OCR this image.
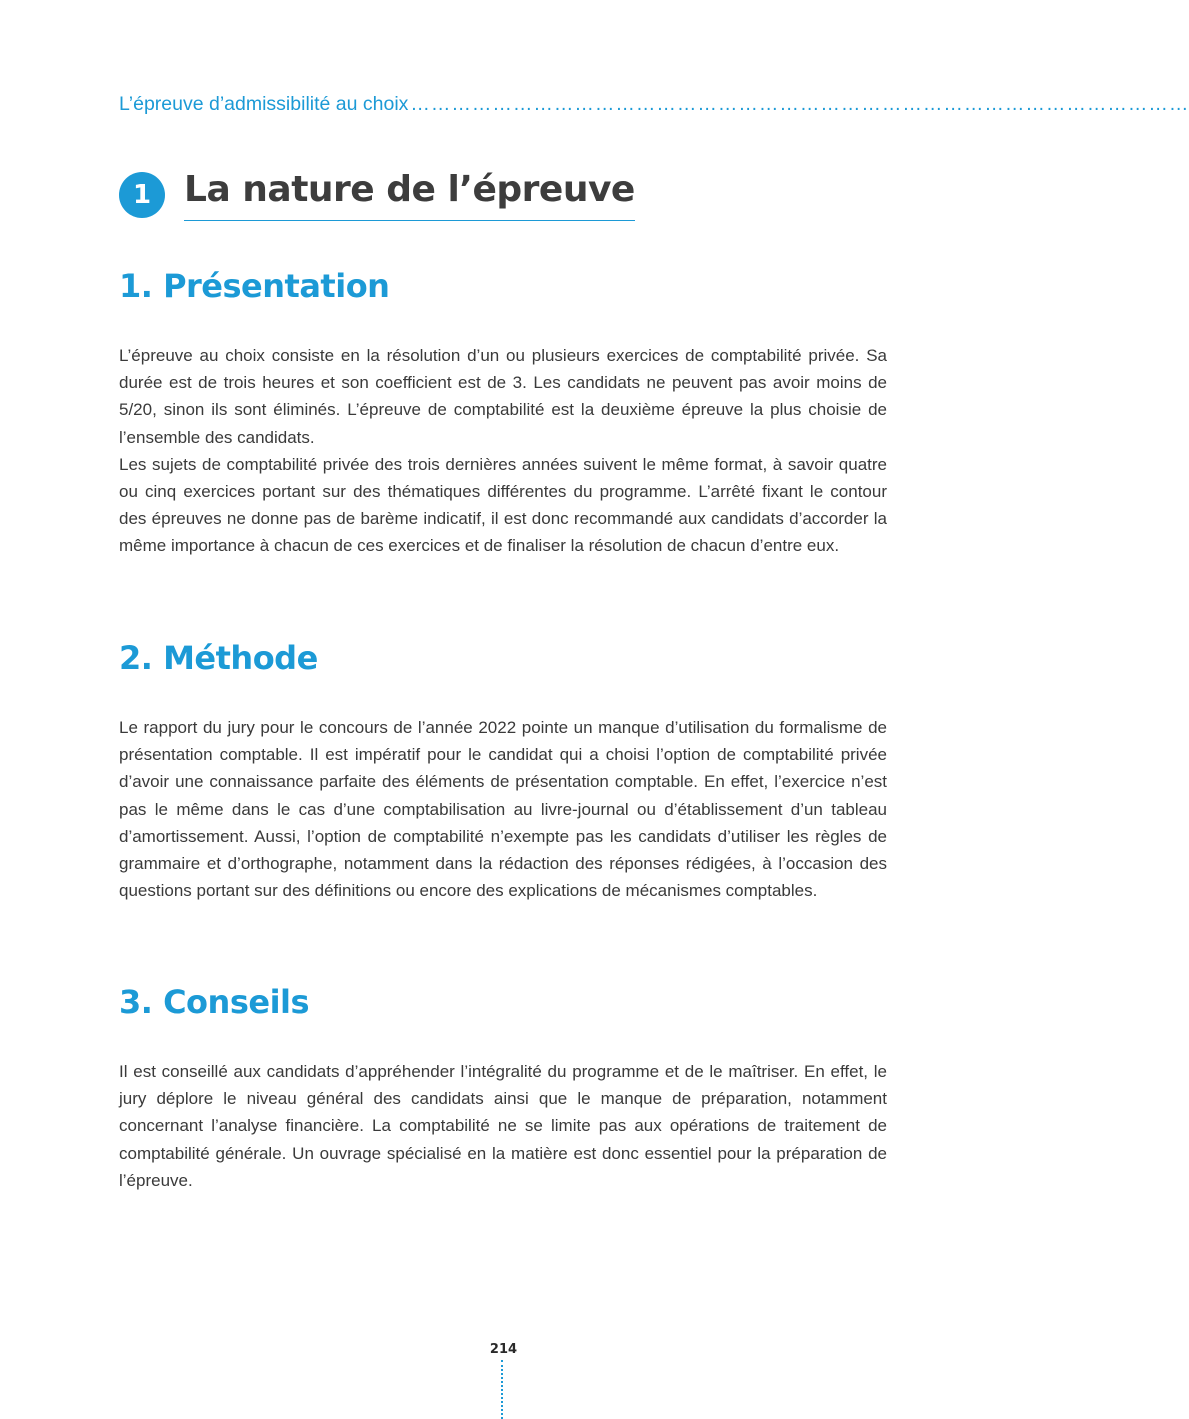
L’épreuve d’admissibilité au choix ……………………………………………………………………………………………………
1 La nature de l’épreuve
1. Présentation

L’épreuve au choix consiste en la résolution d’un ou plusieurs exercices de comptabilité privée. Sa durée est de trois heures et son coefficient est de 3. Les candidats ne peuvent pas avoir moins de 5/20, sinon ils sont éliminés. L’épreuve de comptabilité est la deuxième épreuve la plus choisie de l’ensemble des candidats.

Les sujets de comptabilité privée des trois dernières années suivent le même format, à savoir quatre ou cinq exercices portant sur des thématiques différentes du programme. L’arrêté fixant le contour des épreuves ne donne pas de barème indicatif, il est donc recommandé aux candidats d’accorder la même importance à chacun de ces exercices et de finaliser la résolution de chacun d’entre eux.

2. Méthode

Le rapport du jury pour le concours de l’année 2022 pointe un manque d’utilisation du formalisme de présentation comptable. Il est impératif pour le candidat qui a choisi l’option de comptabilité privée d’avoir une connaissance parfaite des éléments de présentation comptable. En effet, l’exercice n’est pas le même dans le cas d’une comptabilisation au livre-journal ou d’établissement d’un tableau d’amortissement. Aussi, l’option de comptabilité n’exempte pas les candidats d’utiliser les règles de grammaire et d’orthographe, notamment dans la rédaction des réponses rédigées, à l’occasion des questions portant sur des définitions ou encore des explications de mécanismes comptables.

3. Conseils

Il est conseillé aux candidats d’appréhender l’intégralité du programme et de le maîtriser. En effet, le jury déplore le niveau général des candidats ainsi que le manque de préparation, notamment concernant l’analyse financière. La comptabilité ne se limite pas aux opérations de traitement de comptabilité générale. Un ouvrage spécialisé en la matière est donc essentiel pour la préparation de l’épreuve.

214
